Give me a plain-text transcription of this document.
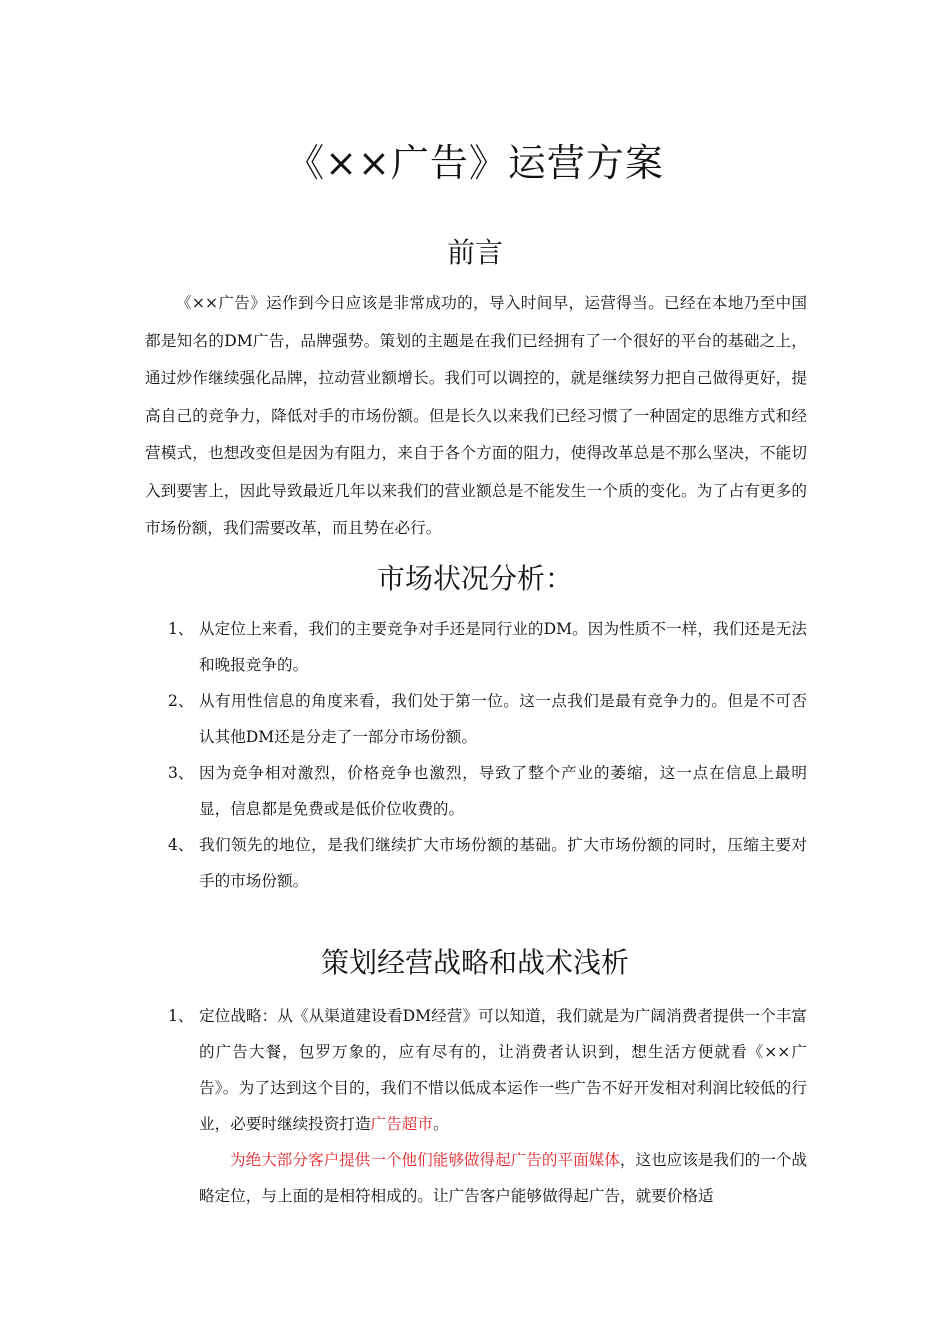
《××广告》运营方案
前言

《××广告》运作到今日应该是非常成功的，导入时间早，运营得当。已经在本地乃至中国都是知名的DM广告，品牌强势。策划的主题是在我们已经拥有了一个很好的平台的基础之上，通过炒作继续强化品牌，拉动营业额增长。我们可以调控的，就是继续努力把自己做得更好，提高自己的竞争力，降低对手的市场份额。但是长久以来我们已经习惯了一种固定的思维方式和经营模式，也想改变但是因为有阻力，来自于各个方面的阻力，使得改革总是不那么坚决，不能切入到要害上，因此导致最近几年以来我们的营业额总是不能发生一个质的变化。为了占有更多的市场份额，我们需要改革，而且势在必行。

市场状况分析：
1、 从定位上来看，我们的主要竞争对手还是同行业的DM。因为性质不一样，我们还是无法和晚报竞争的。
2、 从有用性信息的角度来看，我们处于第一位。这一点我们是最有竞争力的。但是不可否认其他DM还是分走了一部分市场份额。
3、 因为竞争相对激烈，价格竞争也激烈，导致了整个产业的萎缩，这一点在信息上最明显，信息都是免费或是低价位收费的。
4、 我们领先的地位，是我们继续扩大市场份额的基础。扩大市场份额的同时，压缩主要对手的市场份额。
策划经营战略和战术浅析
1、 定位战略：从《从渠道建设看DM经营》可以知道，我们就是为广阔消费者提供一个丰富的广告大餐，包罗万象的，应有尽有的，让消费者认识到，想生活方便就看《××广告》。为了达到这个目的，我们不惜以低成本运作一些广告不好开发相对利润比较低的行业，必要时继续投资打造广告超市。

为绝大部分客户提供一个他们能够做得起广告的平面媒体，这也应该是我们的一个战略定位，与上面的是相符相成的。让广告客户能够做得起广告，就要价格适
